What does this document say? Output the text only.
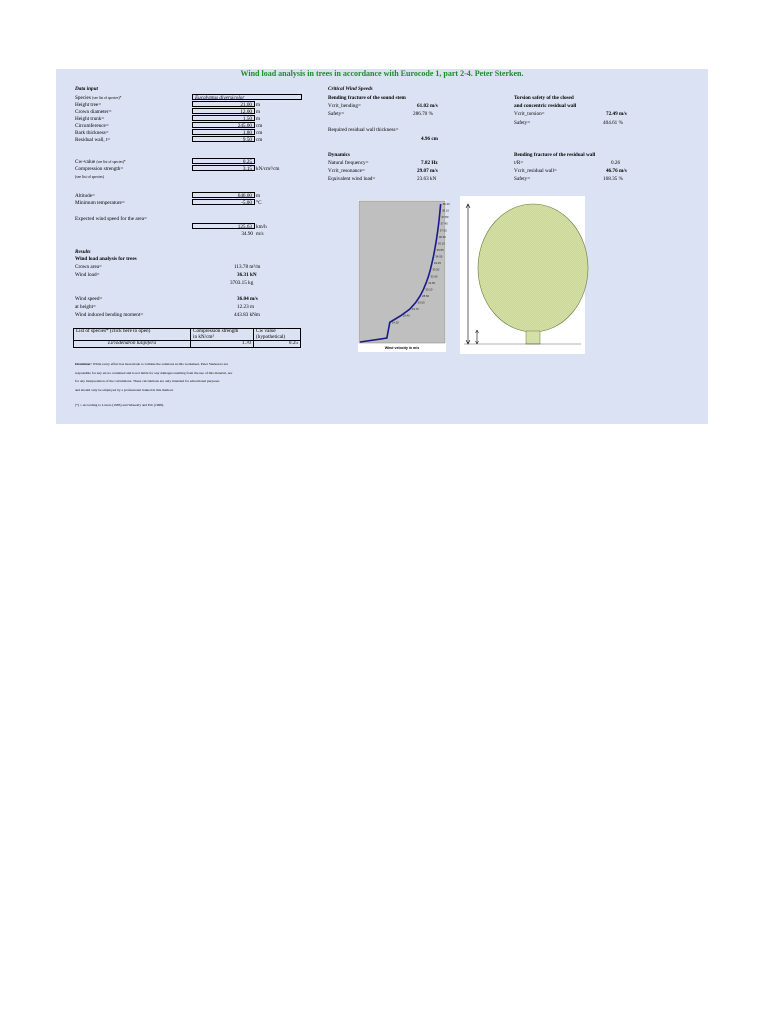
Wind load analysis in trees in accordance with Eurocode 1, part 2-4. Peter Sterken.
Data input
Species (see list of species)*	Eucalyptus diversicolor
Height tree=	21.00 m
Crown diameter=	12.00 m
Height trunk=	1.50 m
Circumference=	245.00 cm
Bark thickness=	1.80 cm
Residual wall, t=	9.50 cm
Cw-value (see list of species)*	0.25
Compression strength=	3.15 kN/cm²/cm
(see list of species)
Altitude=	646.00 m
Minimum temperature=	-5.00 °C
Expected wind speed for the area=
125.63 km/h
34.90 m/s
Results
Wind load analysis for trees
Crown area=	113.78 m²/m
Wind load=	36.31 kN
3703.15 kg
Wind speed=	36.04 m/s
at height=	12.23 m
Wind induced bending moment=	443.83 kNm
List of species* (click here to open)	Compression strength
in kN/cm²	Cw value
(hypothetical)
Liriodendron tulipifera	1.70	0.25
Disclaimer: While every effort has been made to validate the solutions in this worksheet, Peter Sterken is not
responsible for any errors contained and is not liable for any damages resulting from the use of this material, nor
for any interpretation of the calculations. These calculations are only intended for educational purposes
and should only be employed by a professional trained in this method.
(*) = According to Lavers (1983) and Wessolly and Erb (1998).
Critical Wind Speeds
Bending fracture of the sound stem
Vcrit_bending=	61.02 m/s
Safety=	286.70 %
Required residual wall thickness=
4.96 cm
Dynamics
Natural frequency=	7.82 Hz
Vcrit_resonance=	29.07 m/s
Equivalent wind load=	23.63 kN
Torsion safety of the closed
and concentric residual wall
Vcrit_torsion=	72.49 m/s
Safety=	404.61 %
Bending fracture of the residual wall
t/R=	0.26
Vcrit_residual wall=	46.76 m/s
Safety=	168.35 %
38.40
38.10
37.80
37.45
37.05
36.60
36.10
35.55
34.95
34.25
33.50
32.60
31.50
30.20
28.60
26.50
23.70
19.40
14.20
Wind velocity in m/s
